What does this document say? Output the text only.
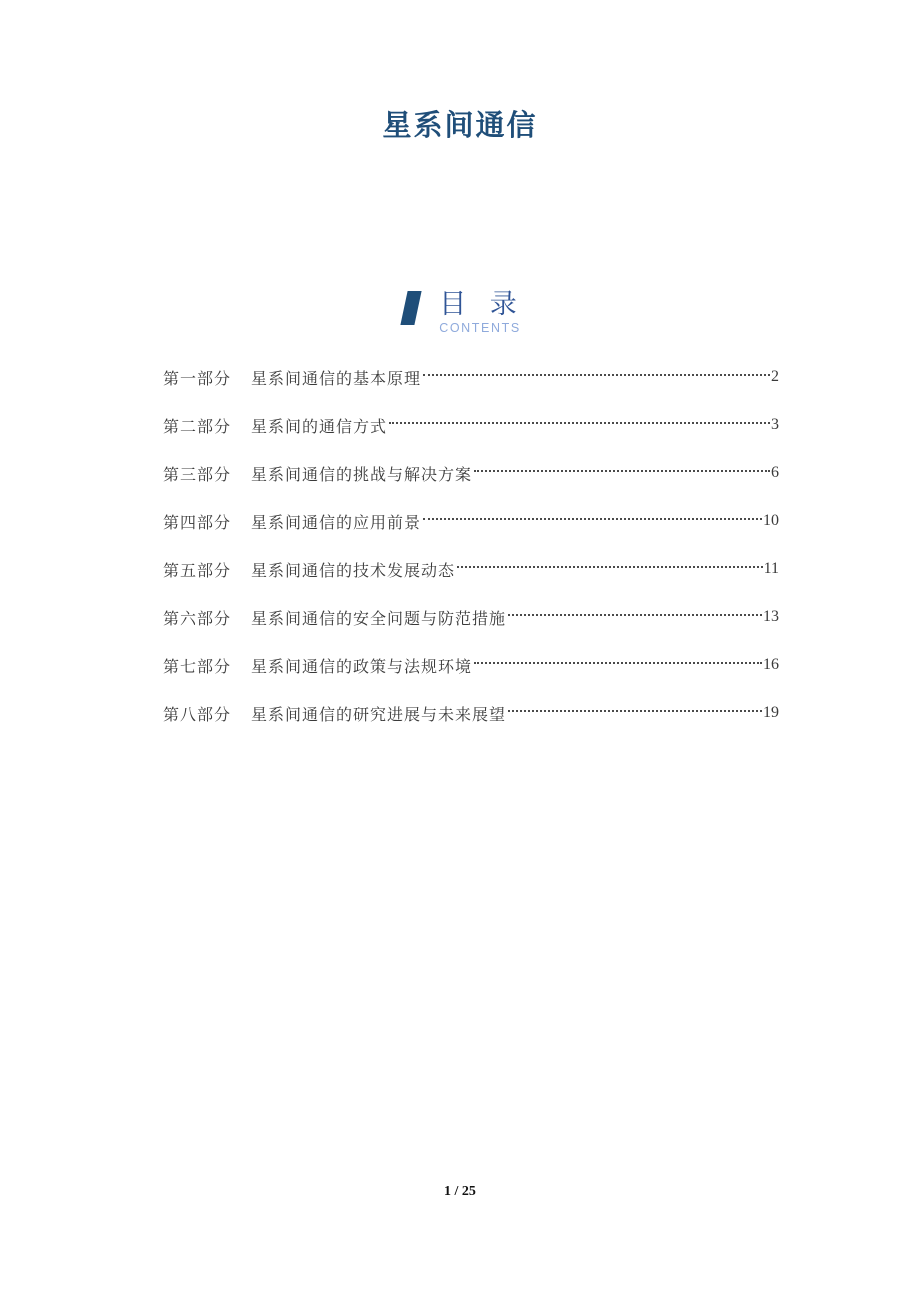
星系间通信
目 录
CONTENTS
第一部分 星系间通信的基本原理	2
第二部分 星系间的通信方式	3
第三部分 星系间通信的挑战与解决方案	6
第四部分 星系间通信的应用前景	10
第五部分 星系间通信的技术发展动态	11
第六部分 星系间通信的安全问题与防范措施	13
第七部分 星系间通信的政策与法规环境	16
第八部分 星系间通信的研究进展与未来展望	19
1 / 25
